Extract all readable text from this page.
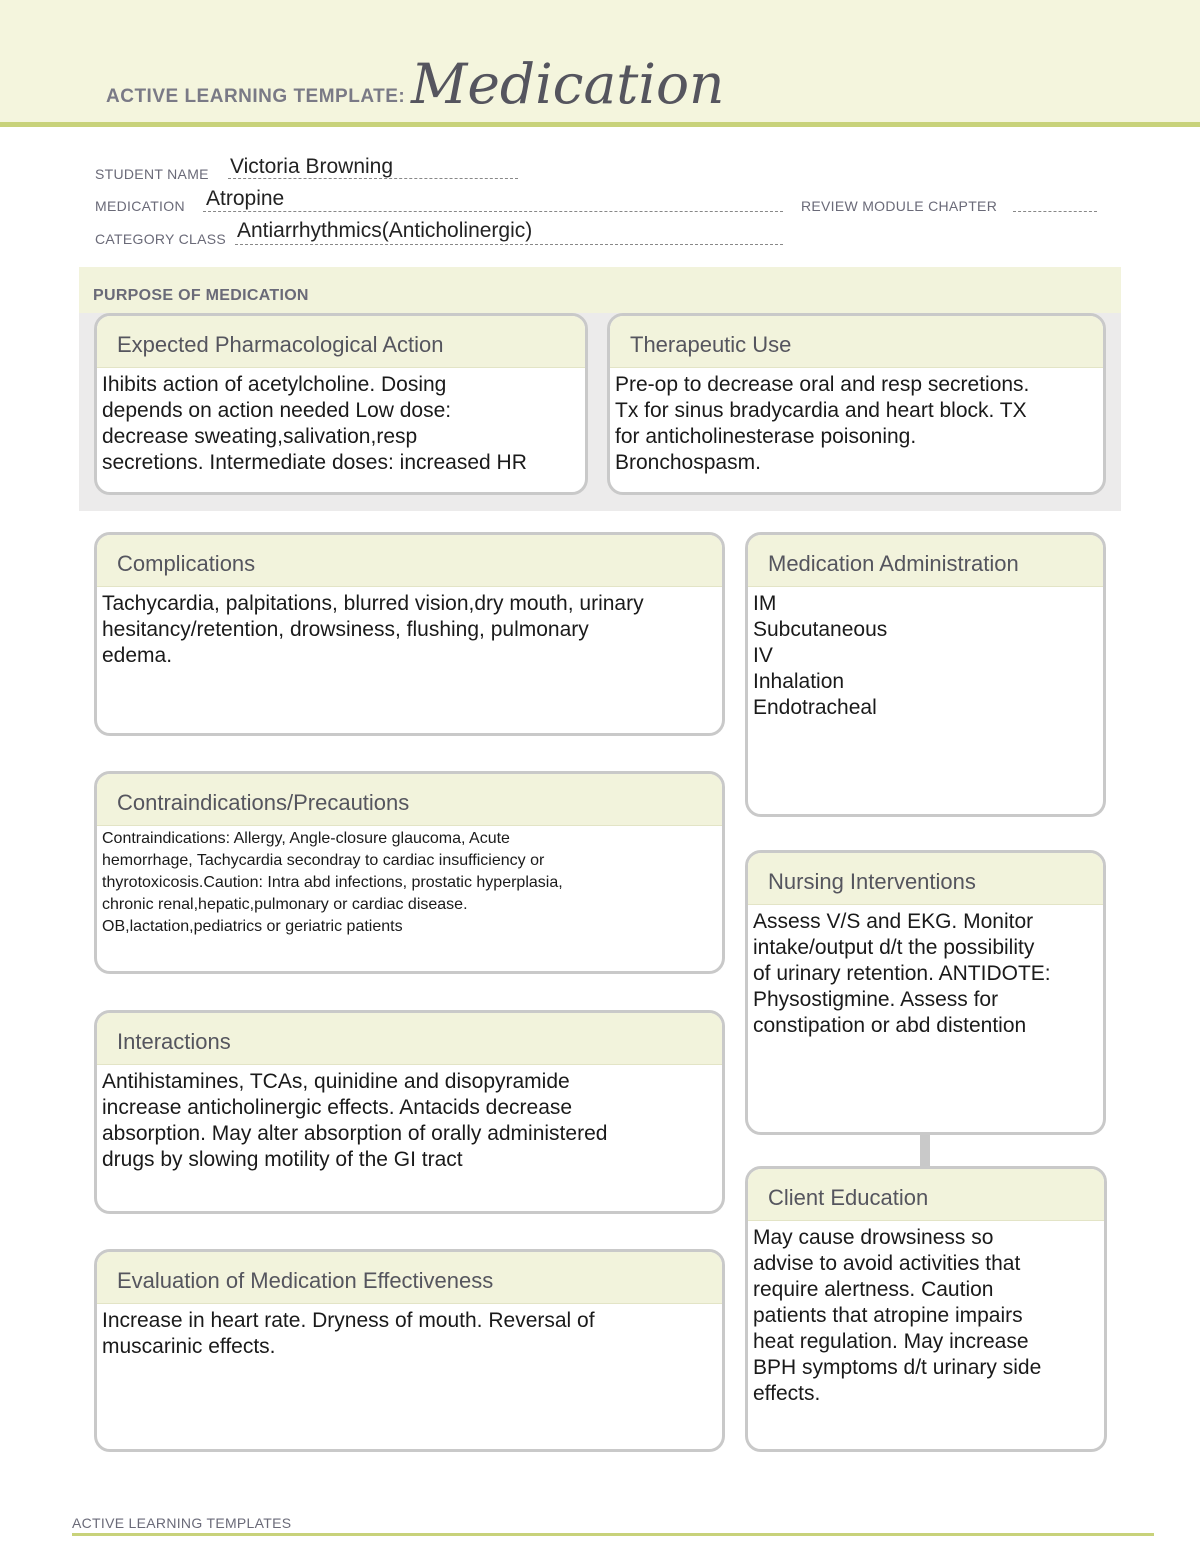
ACTIVE LEARNING TEMPLATE: Medication
STUDENT NAME Victoria Browning
MEDICATION Atropine	REVIEW MODULE CHAPTER
CATEGORY CLASS Antiarrhythmics(Anticholinergic)
PURPOSE OF MEDICATION
Expected Pharmacological Action
Ihibits action of acetylcholine. Dosing
depends on action needed Low dose:
decrease sweating,salivation,resp
secretions. Intermediate doses: increased HR
Therapeutic Use
Pre-op to decrease oral and resp secretions.
Tx for sinus bradycardia and heart block. TX
for anticholinesterase poisoning.
Bronchospasm.
Complications
Tachycardia, palpitations, blurred vision,dry mouth, urinary
hesitancy/retention, drowsiness, flushing, pulmonary
edema.
Medication Administration
IM
Subcutaneous
IV
Inhalation
Endotracheal
Contraindications/Precautions
Contraindications: Allergy, Angle-closure glaucoma, Acute
hemorrhage, Tachycardia secondray to cardiac insufficiency or
thyrotoxicosis.Caution: Intra abd infections, prostatic hyperplasia,
chronic renal,hepatic,pulmonary or cardiac disease.
OB,lactation,pediatrics or geriatric patients
Nursing Interventions
Assess V/S and EKG. Monitor
intake/output d/t the possibility
of urinary retention. ANTIDOTE:
Physostigmine. Assess for
constipation or abd distention
Interactions
Antihistamines, TCAs, quinidine and disopyramide
increase anticholinergic effects. Antacids decrease
absorption. May alter absorption of orally administered
drugs by slowing motility of the GI tract
Client Education
May cause drowsiness so
advise to avoid activities that
require alertness. Caution
patients that atropine impairs
heat regulation. May increase
BPH symptoms d/t urinary side
effects.
Evaluation of Medication Effectiveness
Increase in heart rate. Dryness of mouth. Reversal of
muscarinic effects.
ACTIVE LEARNING TEMPLATES
